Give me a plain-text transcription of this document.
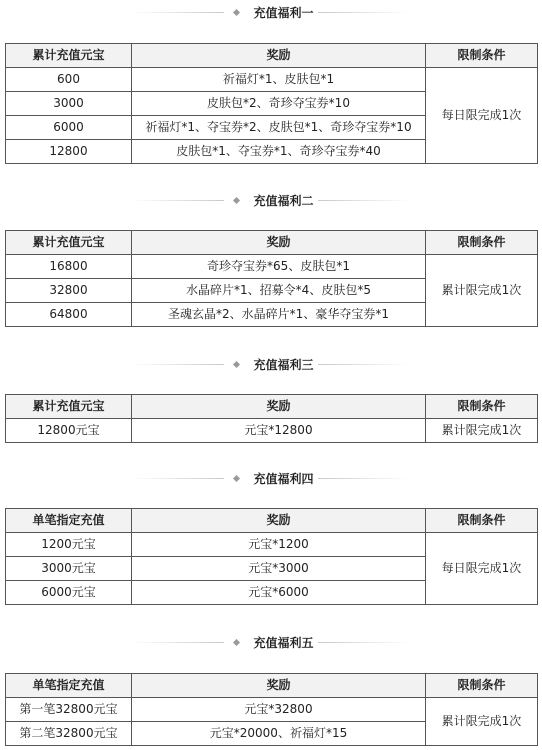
充值福利一
累计充值元宝	奖励	限制条件
600	祈福灯*1、皮肤包*1	每日限完成1次
3000	皮肤包*2、奇珍夺宝券*10	
6000	祈福灯*1、夺宝券*2、皮肤包*1、奇珍夺宝券*10	
12800	皮肤包*1、夺宝券*1、奇珍夺宝券*40	
充值福利二
累计充值元宝	奖励	限制条件
16800	奇珍夺宝券*65、皮肤包*1	累计限完成1次
32800	水晶碎片*1、招募令*4、皮肤包*5	
64800	圣魂玄晶*2、水晶碎片*1、豪华夺宝券*1	
充值福利三
累计充值元宝	奖励	限制条件
12800元宝	元宝*12800	累计限完成1次
充值福利四
单笔指定充值	奖励	限制条件
1200元宝	元宝*1200	每日限完成1次
3000元宝	元宝*3000	
6000元宝	元宝*6000	
充值福利五
单笔指定充值	奖励	限制条件
第一笔32800元宝	元宝*32800	累计限完成1次
第二笔32800元宝	元宝*20000、祈福灯*15	
